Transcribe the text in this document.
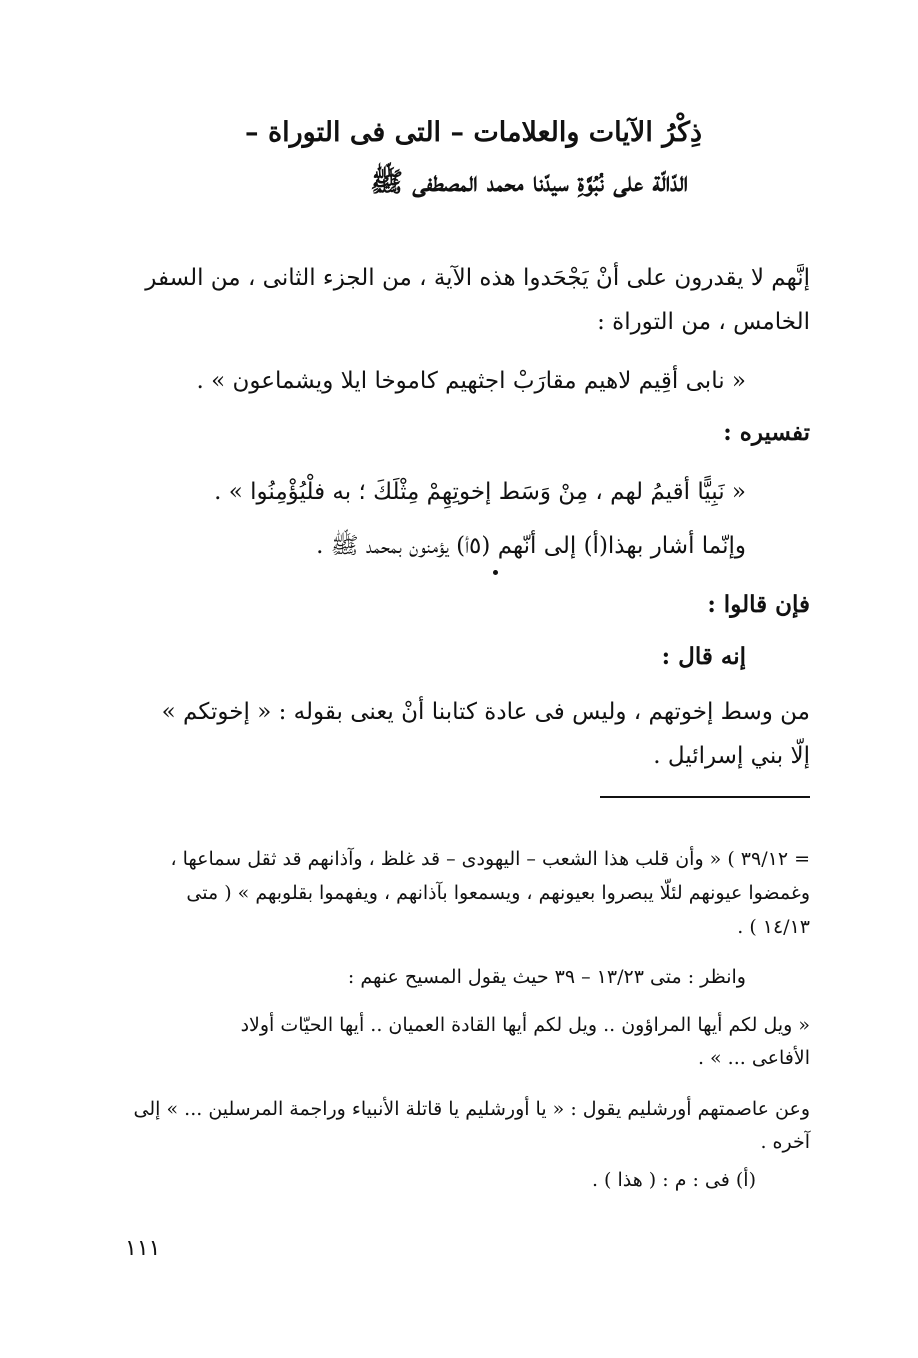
ذِكْرُ الآيات والعلامات – التى فى التوراة –
الدّالّة على نُبُوَّةِ سيدّنا محمد المصطفى ﷺ
إنَّهم لا يقدرون على أنْ يَجْحَدوا هذه الآية ، من الجزء الثانى ، من السفر
الخامس ، من التوراة :
« نابى أقِيم لاهيم مقارَبْ اجثهيم كاموخا ايلا ويشماعون » .
تفسيره :
« نَبِيًّا أقيمُ لهم ، مِنْ وَسَط إخوتِهِمْ مِثْلَكَ ؛ به فلْيُؤْمِنُوا » .
وإنّما أشار بهذا(أ) إلى أنّهم (٥أ) يؤمنون بمحمد ﷺ .
فإن قالوا :
إنه قال :
من وسط إخوتهم ، وليس فى عادة كتابنا أنْ يعنى بقوله : « إخوتكم »
إلّا بني إسرائيل .
= ٣٩/١٢ ) « وأن قلب هذا الشعب – اليهودى – قد غلظ ، وآذانهم قد ثقل سماعها ،
وغمضوا عيونهم لئلّا يبصروا بعيونهم ، ويسمعوا بآذانهم ، ويفهموا بقلوبهم » ( متى
١٤/١٣ ) .
وانظر : متى ١٣/٢٣ – ٣٩ حيث يقول المسيح عنهم :
« ويل لكم أيها المراؤون .. ويل لكم أيها القادة العميان .. أيها الحيّات أولاد
الأفاعى ... » .
وعن عاصمتهم أورشليم يقول : « يا أورشليم يا قاتلة الأنبياء وراجمة المرسلين ... » إلى
آخره .
(أ) فى : م : ( هذا ) .
١١١
